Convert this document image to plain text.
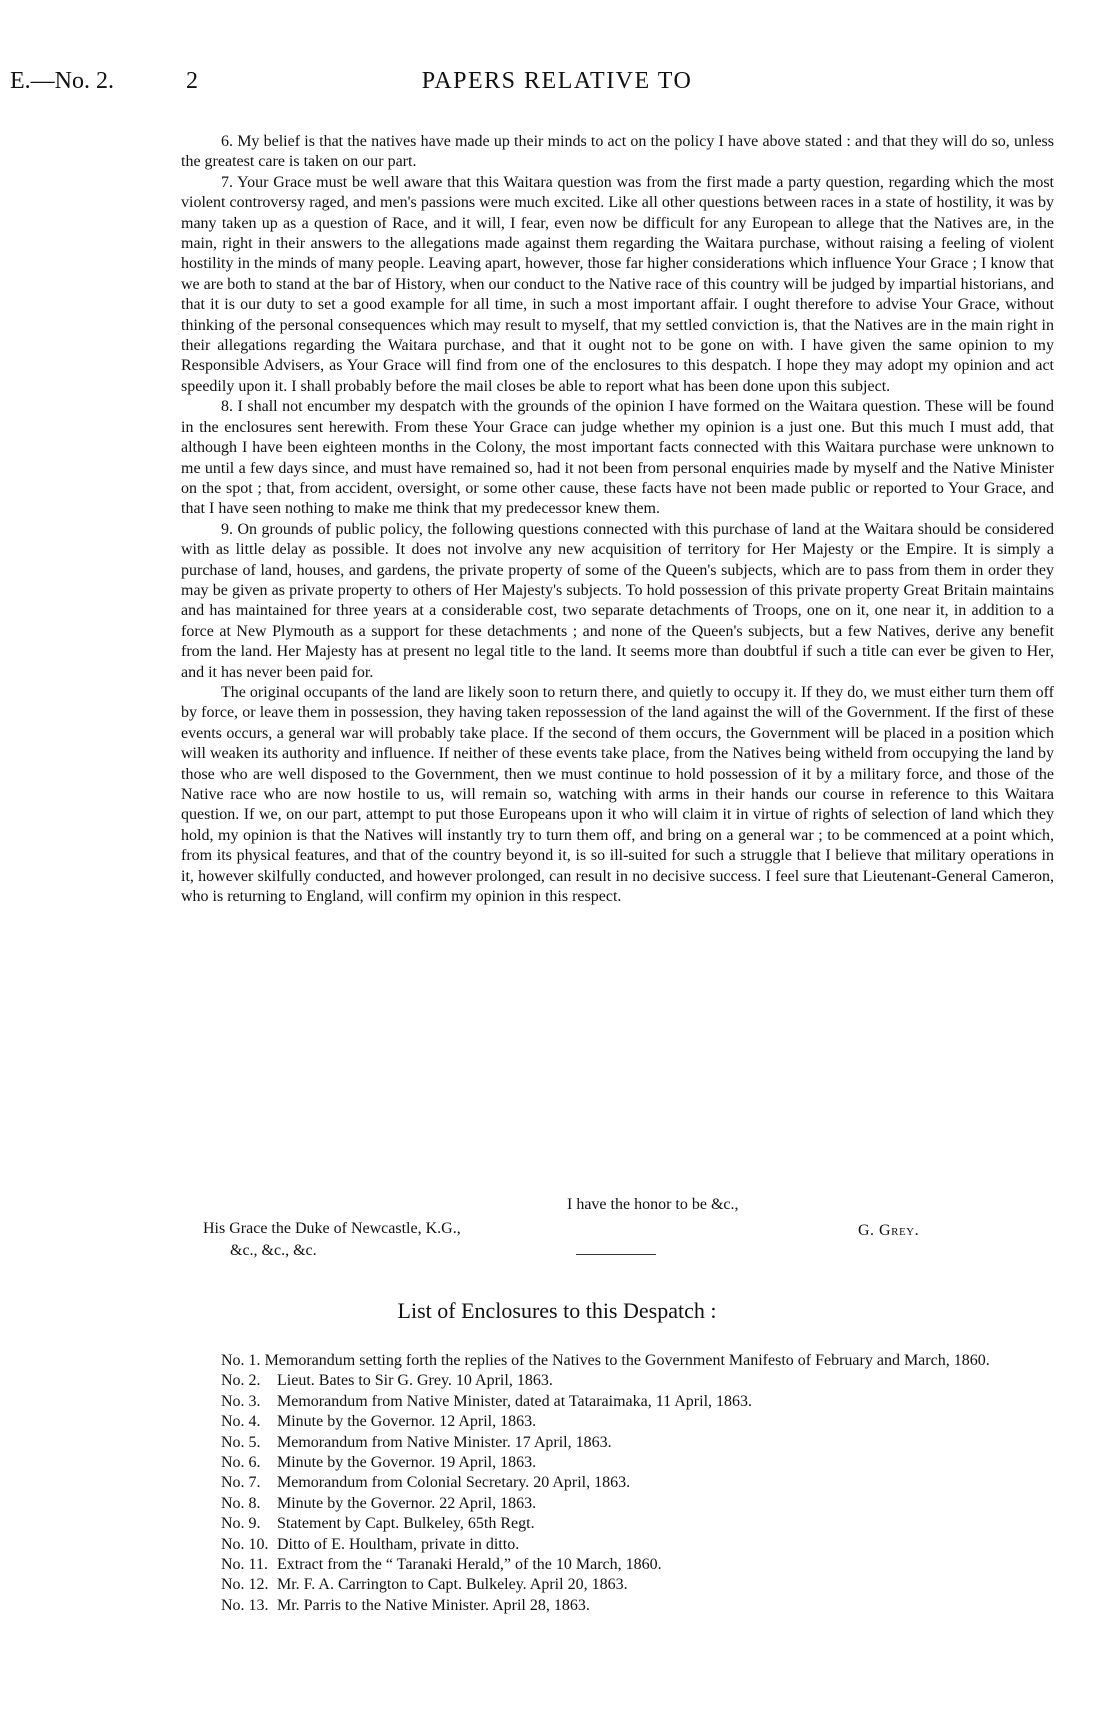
E.—No. 2.	2	PAPERS RELATIVE TO

6. My belief is that the natives have made up their minds to act on the policy I have above stated : and that they will do so, unless the greatest care is taken on our part.

7. Your Grace must be well aware that this Waitara question was from the first made a party question, regarding which the most violent controversy raged, and men's passions were much excited. Like all other questions between races in a state of hostility, it was by many taken up as a question of Race, and it will, I fear, even now be difficult for any European to allege that the Natives are, in the main, right in their answers to the allegations made against them regarding the Waitara purchase, without raising a feeling of violent hostility in the minds of many people. Leaving apart, however, those far higher considerations which influence Your Grace ; I know that we are both to stand at the bar of History, when our conduct to the Native race of this country will be judged by impartial historians, and that it is our duty to set a good example for all time, in such a most important affair. I ought therefore to advise Your Grace, without thinking of the personal consequences which may result to myself, that my settled conviction is, that the Natives are in the main right in their allegations regarding the Waitara purchase, and that it ought not to be gone on with. I have given the same opinion to my Responsible Advisers, as Your Grace will find from one of the enclosures to this despatch. I hope they may adopt my opinion and act speedily upon it. I shall probably before the mail closes be able to report what has been done upon this subject.

8. I shall not encumber my despatch with the grounds of the opinion I have formed on the Waitara question. These will be found in the enclosures sent herewith. From these Your Grace can judge whether my opinion is a just one. But this much I must add, that although I have been eighteen months in the Colony, the most important facts connected with this Waitara purchase were unknown to me until a few days since, and must have remained so, had it not been from personal enquiries made by myself and the Native Minister on the spot ; that, from accident, oversight, or some other cause, these facts have not been made public or reported to Your Grace, and that I have seen nothing to make me think that my predecessor knew them.

9. On grounds of public policy, the following questions connected with this purchase of land at the Waitara should be considered with as little delay as possible. It does not involve any new acquisition of territory for Her Majesty or the Empire. It is simply a purchase of land, houses, and gardens, the private property of some of the Queen's subjects, which are to pass from them in order they may be given as private property to others of Her Majesty's subjects. To hold possession of this private property Great Britain maintains and has maintained for three years at a considerable cost, two separate detachments of Troops, one on it, one near it, in addition to a force at New Plymouth as a support for these detachments ; and none of the Queen's subjects, but a few Natives, derive any benefit from the land. Her Majesty has at present no legal title to the land. It seems more than doubtful if such a title can ever be given to Her, and it has never been paid for.

The original occupants of the land are likely soon to return there, and quietly to occupy it. If they do, we must either turn them off by force, or leave them in possession, they having taken repossession of the land against the will of the Government. If the first of these events occurs, a general war will probably take place. If the second of them occurs, the Government will be placed in a position which will weaken its authority and influence. If neither of these events take place, from the Natives being witheld from occupying the land by those who are well disposed to the Government, then we must continue to hold possession of it by a military force, and those of the Native race who are now hostile to us, will remain so, watching with arms in their hands our course in reference to this Waitara question. If we, on our part, attempt to put those Europeans upon it who will claim it in virtue of rights of selection of land which they hold, my opinion is that the Natives will instantly try to turn them off, and bring on a general war ; to be commenced at a point which, from its physical features, and that of the country beyond it, is so ill-suited for such a struggle that I believe that military operations in it, however skilfully conducted, and however prolonged, can result in no decisive success. I feel sure that Lieutenant-General Cameron, who is returning to England, will confirm my opinion in this respect.

I have the honor to be &c.,
His Grace the Duke of Newcastle, K.G.,
&c., &c., &c.
G. Grey.
List of Enclosures to this Despatch :
No. 1. Memorandum setting forth the replies of the Natives to the Government Manifesto of February and March, 1860.
No. 2.	Lieut. Bates to Sir G. Grey. 10 April, 1863.
No. 3.	Memorandum from Native Minister, dated at Tataraimaka, 11 April, 1863.
No. 4.	Minute by the Governor. 12 April, 1863.
No. 5.	Memorandum from Native Minister. 17 April, 1863.
No. 6.	Minute by the Governor. 19 April, 1863.
No. 7.	Memorandum from Colonial Secretary. 20 April, 1863.
No. 8.	Minute by the Governor. 22 April, 1863.
No. 9.	Statement by Capt. Bulkeley, 65th Regt.
No. 10. Ditto of E. Houltham, private in ditto.
No. 11. Extract from the “ Taranaki Herald,” of the 10 March, 1860.
No. 12. Mr. F. A. Carrington to Capt. Bulkeley. April 20, 1863.
No. 13. Mr. Parris to the Native Minister. April 28, 1863.
